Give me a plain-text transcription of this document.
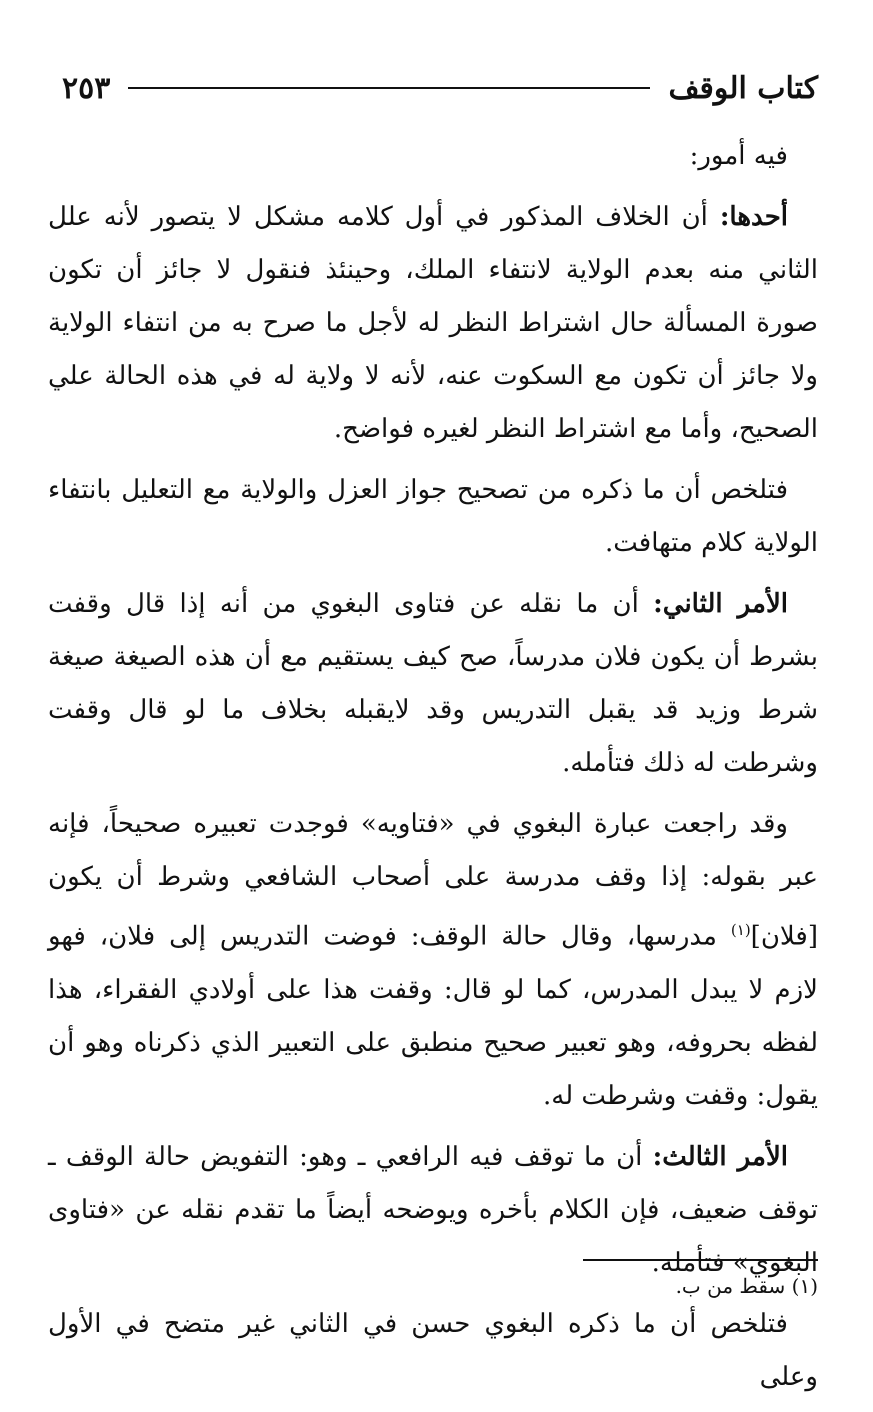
كتاب الوقف
٢٥٣

فيه أمور:

أحدها: أن الخلاف المذكور في أول كلامه مشكل لا يتصور لأنه علل الثاني منه بعدم الولاية لانتفاء الملك، وحينئذ فنقول لا جائز أن تكون صورة المسألة حال اشتراط النظر له لأجل ما صرح به من انتفاء الولاية ولا جائز أن تكون مع السكوت عنه، لأنه لا ولاية له في هذه الحالة علي الصحيح، وأما مع اشتراط النظر لغيره فواضح.

فتلخص أن ما ذكره من تصحيح جواز العزل والولاية مع التعليل بانتفاء الولاية كلام متهافت.

الأمر الثاني: أن ما نقله عن فتاوى البغوي من أنه إذا قال وقفت بشرط أن يكون فلان مدرساً، صح كيف يستقيم مع أن هذه الصيغة صيغة شرط وزيد قد يقبل التدريس وقد لايقبله بخلاف ما لو قال وقفت وشرطت له ذلك فتأمله.

وقد راجعت عبارة البغوي في «فتاويه» فوجدت تعبيره صحيحاً، فإنه عبر بقوله: إذا وقف مدرسة على أصحاب الشافعي وشرط أن يكون [فلان]$^{(١)}$ مدرسها، وقال حالة الوقف: فوضت التدريس إلى فلان، فهو لازم لا يبدل المدرس، كما لو قال: وقفت هذا على أولادي الفقراء، هذا لفظه بحروفه، وهو تعبير صحيح منطبق على التعبير الذي ذكرناه وهو أن يقول: وقفت وشرطت له.

الأمر الثالث: أن ما توقف فيه الرافعي ـ وهو: التفويض حالة الوقف ـ توقف ضعيف، فإن الكلام بأخره ويوضحه أيضاً ما تقدم نقله عن «فتاوى البغوي» فتأمله.

فتلخص أن ما ذكره البغوي حسن في الثاني غير متضح في الأول وعلى

(١) سقط من ب.
